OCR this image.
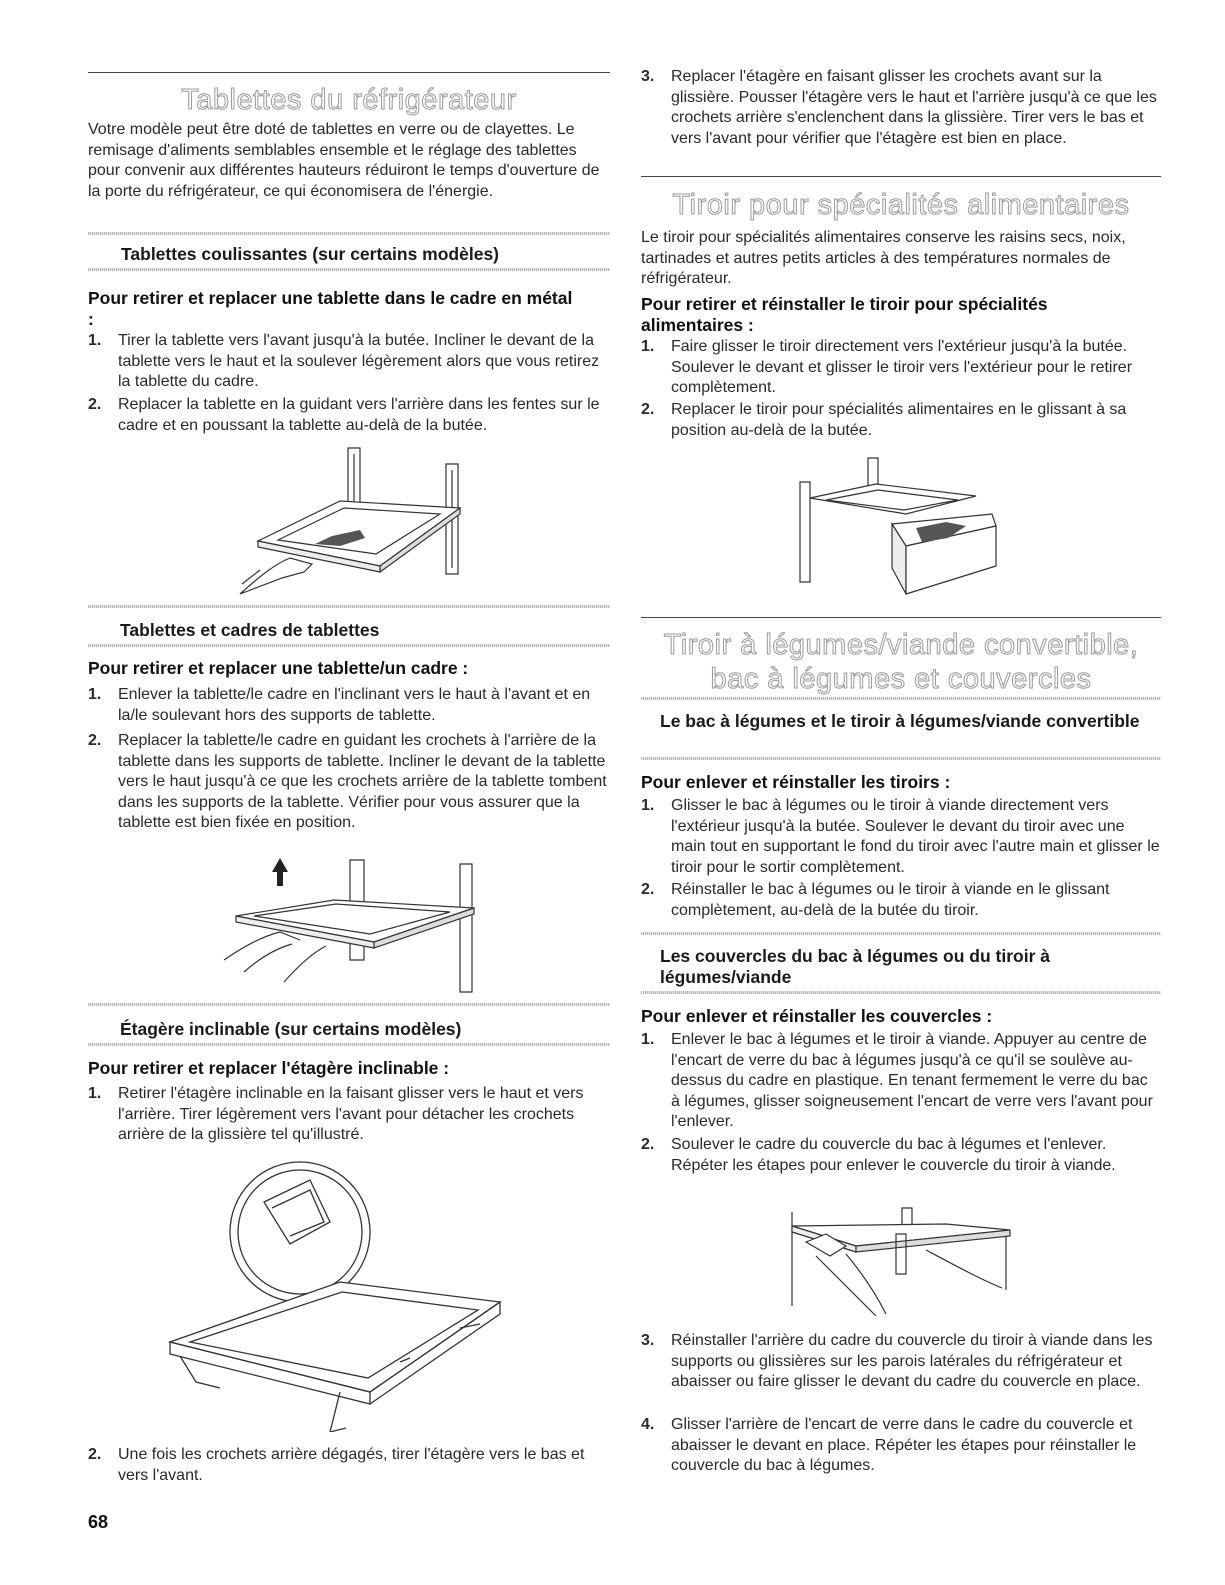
Tablettes du réfrigérateur
Votre modèle peut être doté de tablettes en verre ou de clayettes. Le remisage d'aliments semblables ensemble et le réglage des tablettes pour convenir aux différentes hauteurs réduiront le temps d'ouverture de la porte du réfrigérateur, ce qui économisera de l'énergie.
Tablettes coulissantes (sur certains modèles)
Pour retirer et replacer une tablette dans le cadre en métal :
1. Tirer la tablette vers l'avant jusqu'à la butée. Incliner le devant de la tablette vers le haut et la soulever légèrement alors que vous retirez la tablette du cadre.
2. Replacer la tablette en la guidant vers l'arrière dans les fentes sur le cadre et en poussant la tablette au-delà de la butée.
Tablettes et cadres de tablettes
Pour retirer et replacer une tablette/un cadre :
1. Enlever la tablette/le cadre en l'inclinant vers le haut à l'avant et en la/le soulevant hors des supports de tablette.
2. Replacer la tablette/le cadre en guidant les crochets à l'arrière de la tablette dans les supports de tablette. Incliner le devant de la tablette vers le haut jusqu'à ce que les crochets arrière de la tablette tombent dans les supports de la tablette. Vérifier pour vous assurer que la tablette est bien fixée en position.
Étagère inclinable (sur certains modèles)
Pour retirer et replacer l'étagère inclinable :
1. Retirer l'étagère inclinable en la faisant glisser vers le haut et vers l'arrière. Tirer légèrement vers l'avant pour détacher les crochets arrière de la glissière tel qu'illustré.
2. Une fois les crochets arrière dégagés, tirer l'étagère vers le bas et vers l'avant.
3. Replacer l'étagère en faisant glisser les crochets avant sur la glissière. Pousser l'étagère vers le haut et l'arrière jusqu'à ce que les crochets arrière s'enclenchent dans la glissière. Tirer vers le bas et vers l'avant pour vérifier que l'étagère est bien en place.
Tiroir pour spécialités alimentaires
Le tiroir pour spécialités alimentaires conserve les raisins secs, noix, tartinades et autres petits articles à des températures normales de réfrigérateur.
Pour retirer et réinstaller le tiroir pour spécialités alimentaires :
1. Faire glisser le tiroir directement vers l'extérieur jusqu'à la butée. Soulever le devant et glisser le tiroir vers l'extérieur pour le retirer complètement.
2. Replacer le tiroir pour spécialités alimentaires en le glissant à sa position au-delà de la butée.
Tiroir à légumes/viande convertible,
bac à légumes et couvercles
Le bac à légumes et le tiroir à légumes/viande convertible
Pour enlever et réinstaller les tiroirs :
1. Glisser le bac à légumes ou le tiroir à viande directement vers l'extérieur jusqu'à la butée. Soulever le devant du tiroir avec une main tout en supportant le fond du tiroir avec l'autre main et glisser le tiroir pour le sortir complètement.
2. Réinstaller le bac à légumes ou le tiroir à viande en le glissant complètement, au-delà de la butée du tiroir.
Les couvercles du bac à légumes ou du tiroir à légumes/viande
Pour enlever et réinstaller les couvercles :
1. Enlever le bac à légumes et le tiroir à viande. Appuyer au centre de l'encart de verre du bac à légumes jusqu'à ce qu'il se soulève au-dessus du cadre en plastique. En tenant fermement le verre du bac à légumes, glisser soigneusement l'encart de verre vers l'avant pour l'enlever.
2. Soulever le cadre du couvercle du bac à légumes et l'enlever. Répéter les étapes pour enlever le couvercle du tiroir à viande.
3. Réinstaller l'arrière du cadre du couvercle du tiroir à viande dans les supports ou glissières sur les parois latérales du réfrigérateur et abaisser ou faire glisser le devant du cadre du couvercle en place.
4. Glisser l'arrière de l'encart de verre dans le cadre du couvercle et abaisser le devant en place. Répéter les étapes pour réinstaller le couvercle du bac à légumes.
68
